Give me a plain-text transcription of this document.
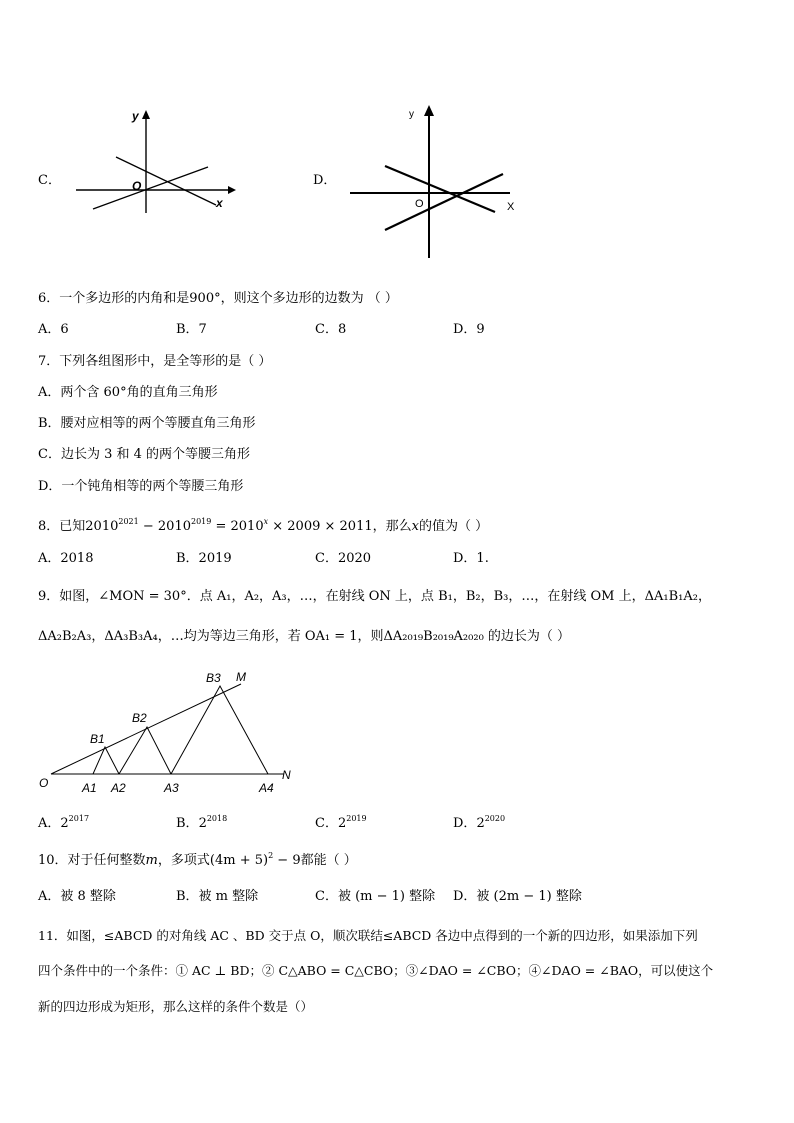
C．
y
x
O	D．
y
X
O
6．一个多边形的内角和是900°，则这个多边形的边数为 （ ）
A．6	B．7	C．8	D．9
7．下列各组图形中，是全等形的是（ ）
A．两个含 60°角的直角三角形
B．腰对应相等的两个等腰直角三角形
C．边长为 3 和 4 的两个等腰三角形
D．一个钝角相等的两个等腰三角形
8．已知$2010^{2021} - 2010^{2019} = 2010^x \times 2009 \times 2011$，那么x的值为（ ）
A．2018	B．2019	C．2020	D．1.
9．如图，∠MON = 30°．点 A₁，A₂，A₃，…，在射线 ON 上，点 B₁，B₂，B₃，…，在射线 OM 上，ΔA₁B₁A₂，
ΔA₂B₂A₃，ΔA₃B₃A₄，…均为等边三角形，若 OA₁ = 1，则ΔA₂₀₁₉B₂₀₁₉A₂₀₂₀ 的边长为（ ）
O
N
M
B1
B2
B3
A1 A2	A3	A4
A．$2^{2017}$	B．$2^{2018}$	C．$2^{2019}$	D．$2^{2020}$
10．对于任何整数m，多项式$(4m + 5)^2 - 9$都能（ ）
A．被 8 整除	B．被 m 整除	C．被 (m − 1) 整除 D．被 (2m − 1) 整除
11．如图，≤ABCD 的对角线 AC 、BD 交于点 O，顺次联结≤ABCD 各边中点得到的一个新的四边形，如果添加下列
四个条件中的一个条件：① AC ⊥ BD；② C△ABO = C△CBO；③∠DAO = ∠CBO；④∠DAO = ∠BAO，可以使这个
新的四边形成为矩形，那么这样的条件个数是（）
